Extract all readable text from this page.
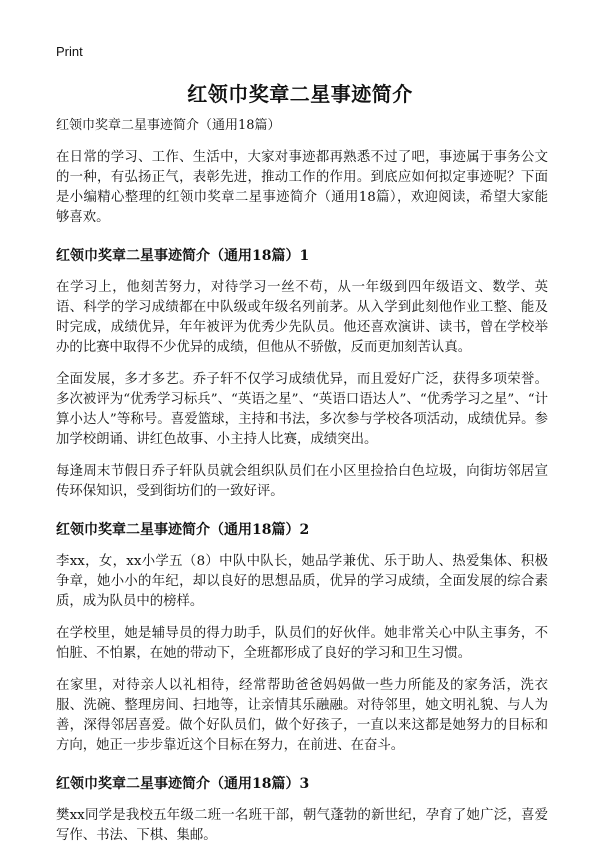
Print
红领巾奖章二星事迹简介
红领巾奖章二星事迹简介（通用18篇）

在日常的学习、工作、生活中，大家对事迹都再熟悉不过了吧，事迹属于事务公文的一种，有弘扬正气，表彰先进，推动工作的作用。到底应如何拟定事迹呢？下面是小编精心整理的红领巾奖章二星事迹简介（通用18篇），欢迎阅读，希望大家能够喜欢。

红领巾奖章二星事迹简介（通用18篇）1

在学习上，他刻苦努力，对待学习一丝不苟，从一年级到四年级语文、数学、英语、科学的学习成绩都在中队级或年级名列前茅。从入学到此刻他作业工整、能及时完成，成绩优异，年年被评为优秀少先队员。他还喜欢演讲、读书，曾在学校举办的比赛中取得不少优异的成绩，但他从不骄傲，反而更加刻苦认真。

全面发展，多才多艺。乔子轩不仅学习成绩优异，而且爱好广泛，获得多项荣誉。多次被评为“优秀学习标兵”、“英语之星”、“英语口语达人”、“优秀学习之星”、“计算小达人”等称号。喜爱篮球，主持和书法，多次参与学校各项活动，成绩优异。参加学校朗诵、讲红色故事、小主持人比赛，成绩突出。

每逢周末节假日乔子轩队员就会组织队员们在小区里捡拾白色垃圾，向街坊邻居宣传环保知识，受到街坊们的一致好评。

红领巾奖章二星事迹简介（通用18篇）2

李xx，女，xx小学五（8）中队中队长，她品学兼优、乐于助人、热爱集体、积极争章，她小小的年纪，却以良好的思想品质，优异的学习成绩，全面发展的综合素质，成为队员中的榜样。

在学校里，她是辅导员的得力助手，队员们的好伙伴。她非常关心中队主事务，不怕脏、不怕累，在她的带动下，全班都形成了良好的学习和卫生习惯。

在家里，对待亲人以礼相待，经常帮助爸爸妈妈做一些力所能及的家务活，洗衣服、洗碗、整理房间、扫地等，让亲情其乐融融。对待邻里，她文明礼貌、与人为善，深得邻居喜爱。做个好队员们，做个好孩子，一直以来这都是她努力的目标和方向，她正一步步靠近这个目标在努力，在前进、在奋斗。

红领巾奖章二星事迹简介（通用18篇）3

樊xx同学是我校五年级二班一名班干部，朝气蓬勃的新世纪，孕育了她广泛，喜爱写作、书法、下棋、集邮。
